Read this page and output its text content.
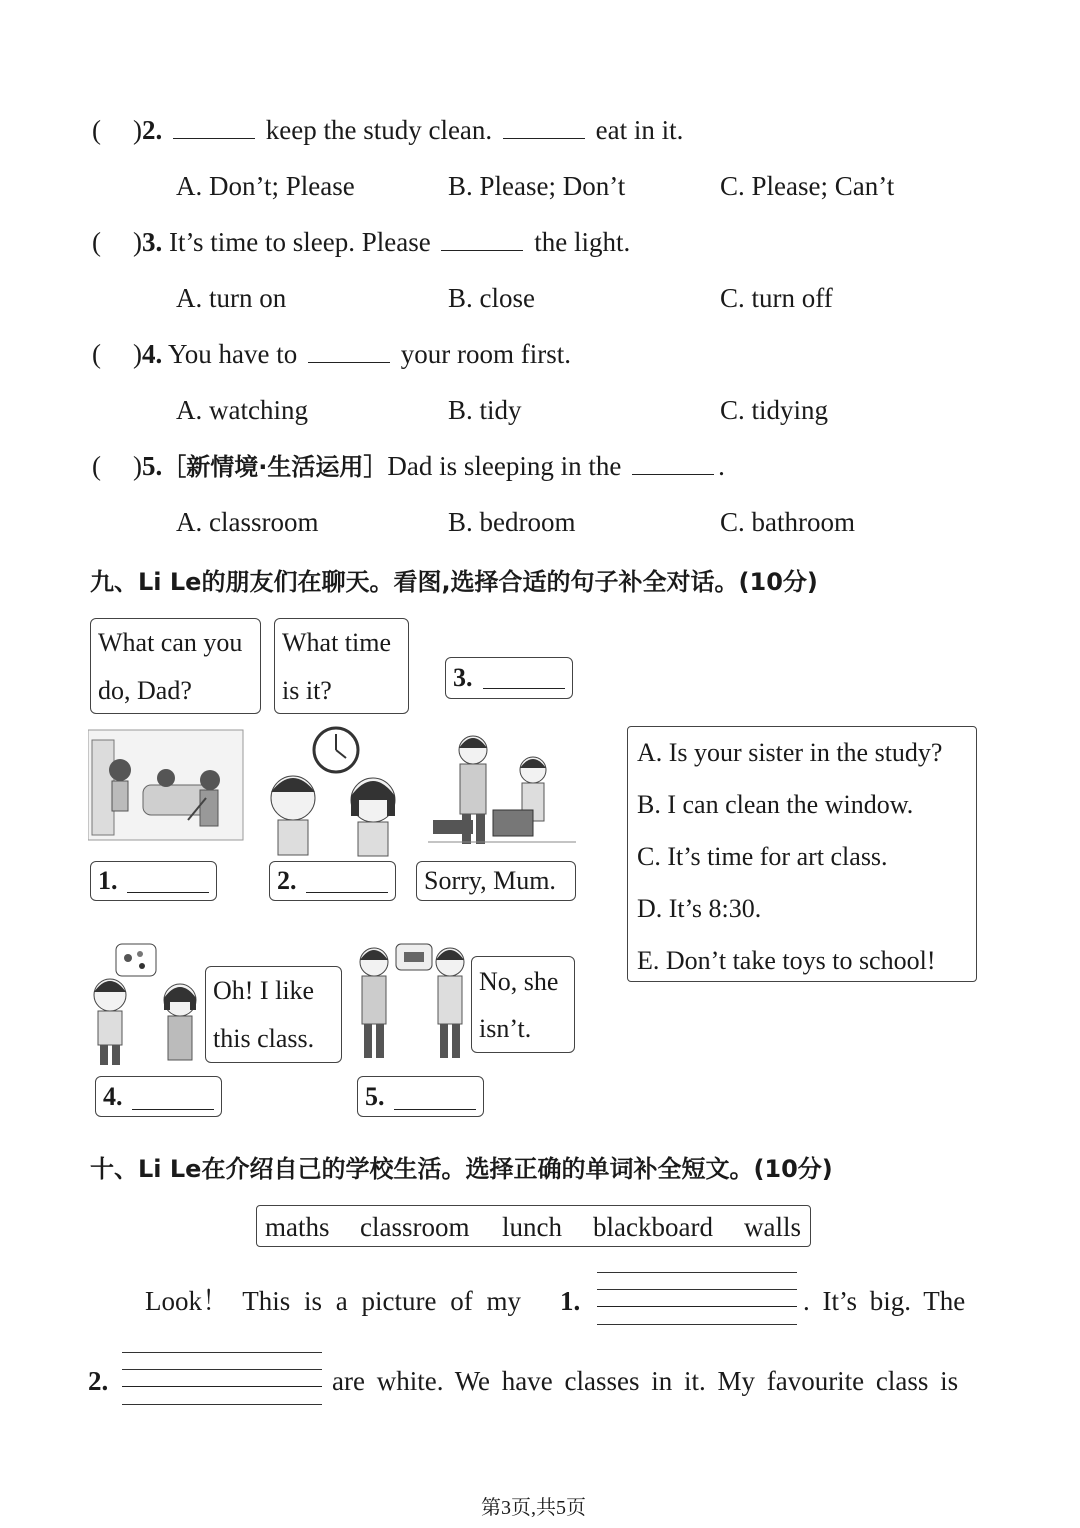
( )2.	keep the study clean.	eat in it.
A. Don’t; Please	B. Please; Don’t	C. Please; Can’t
( )3. It’s time to sleep. Please	the light.
A. turn on	B. close	C. turn off
( )4. You have to	your room first.
A. watching	B. tidy	C. tidying
( )5.［新情境·生活运用］Dad is sleeping in the	.
A. classroom	B. bedroom	C. bathroom
九、Li Le的朋友们在聊天。看图,选择合适的句子补全对话。(10分)
What can you
do, Dad?
What time
is it?	3.
1.	2.	Sorry, Mum.
A. Is your sister in the study?
B. I can clean the window.
C. It’s time for art class.
D. It’s 8:30.
E. Don’t take toys to school!
Oh! I like
this class.
No, she
isn’t.
4.	5.
十、Li Le在介绍自己的学校生活。选择正确的单词补全短文。(10分)
maths classroom lunch blackboard walls
Look！ This is a picture of my 1.	. It’s big. The
2.	are white. We have classes in it. My favourite class is
第3页,共5页
